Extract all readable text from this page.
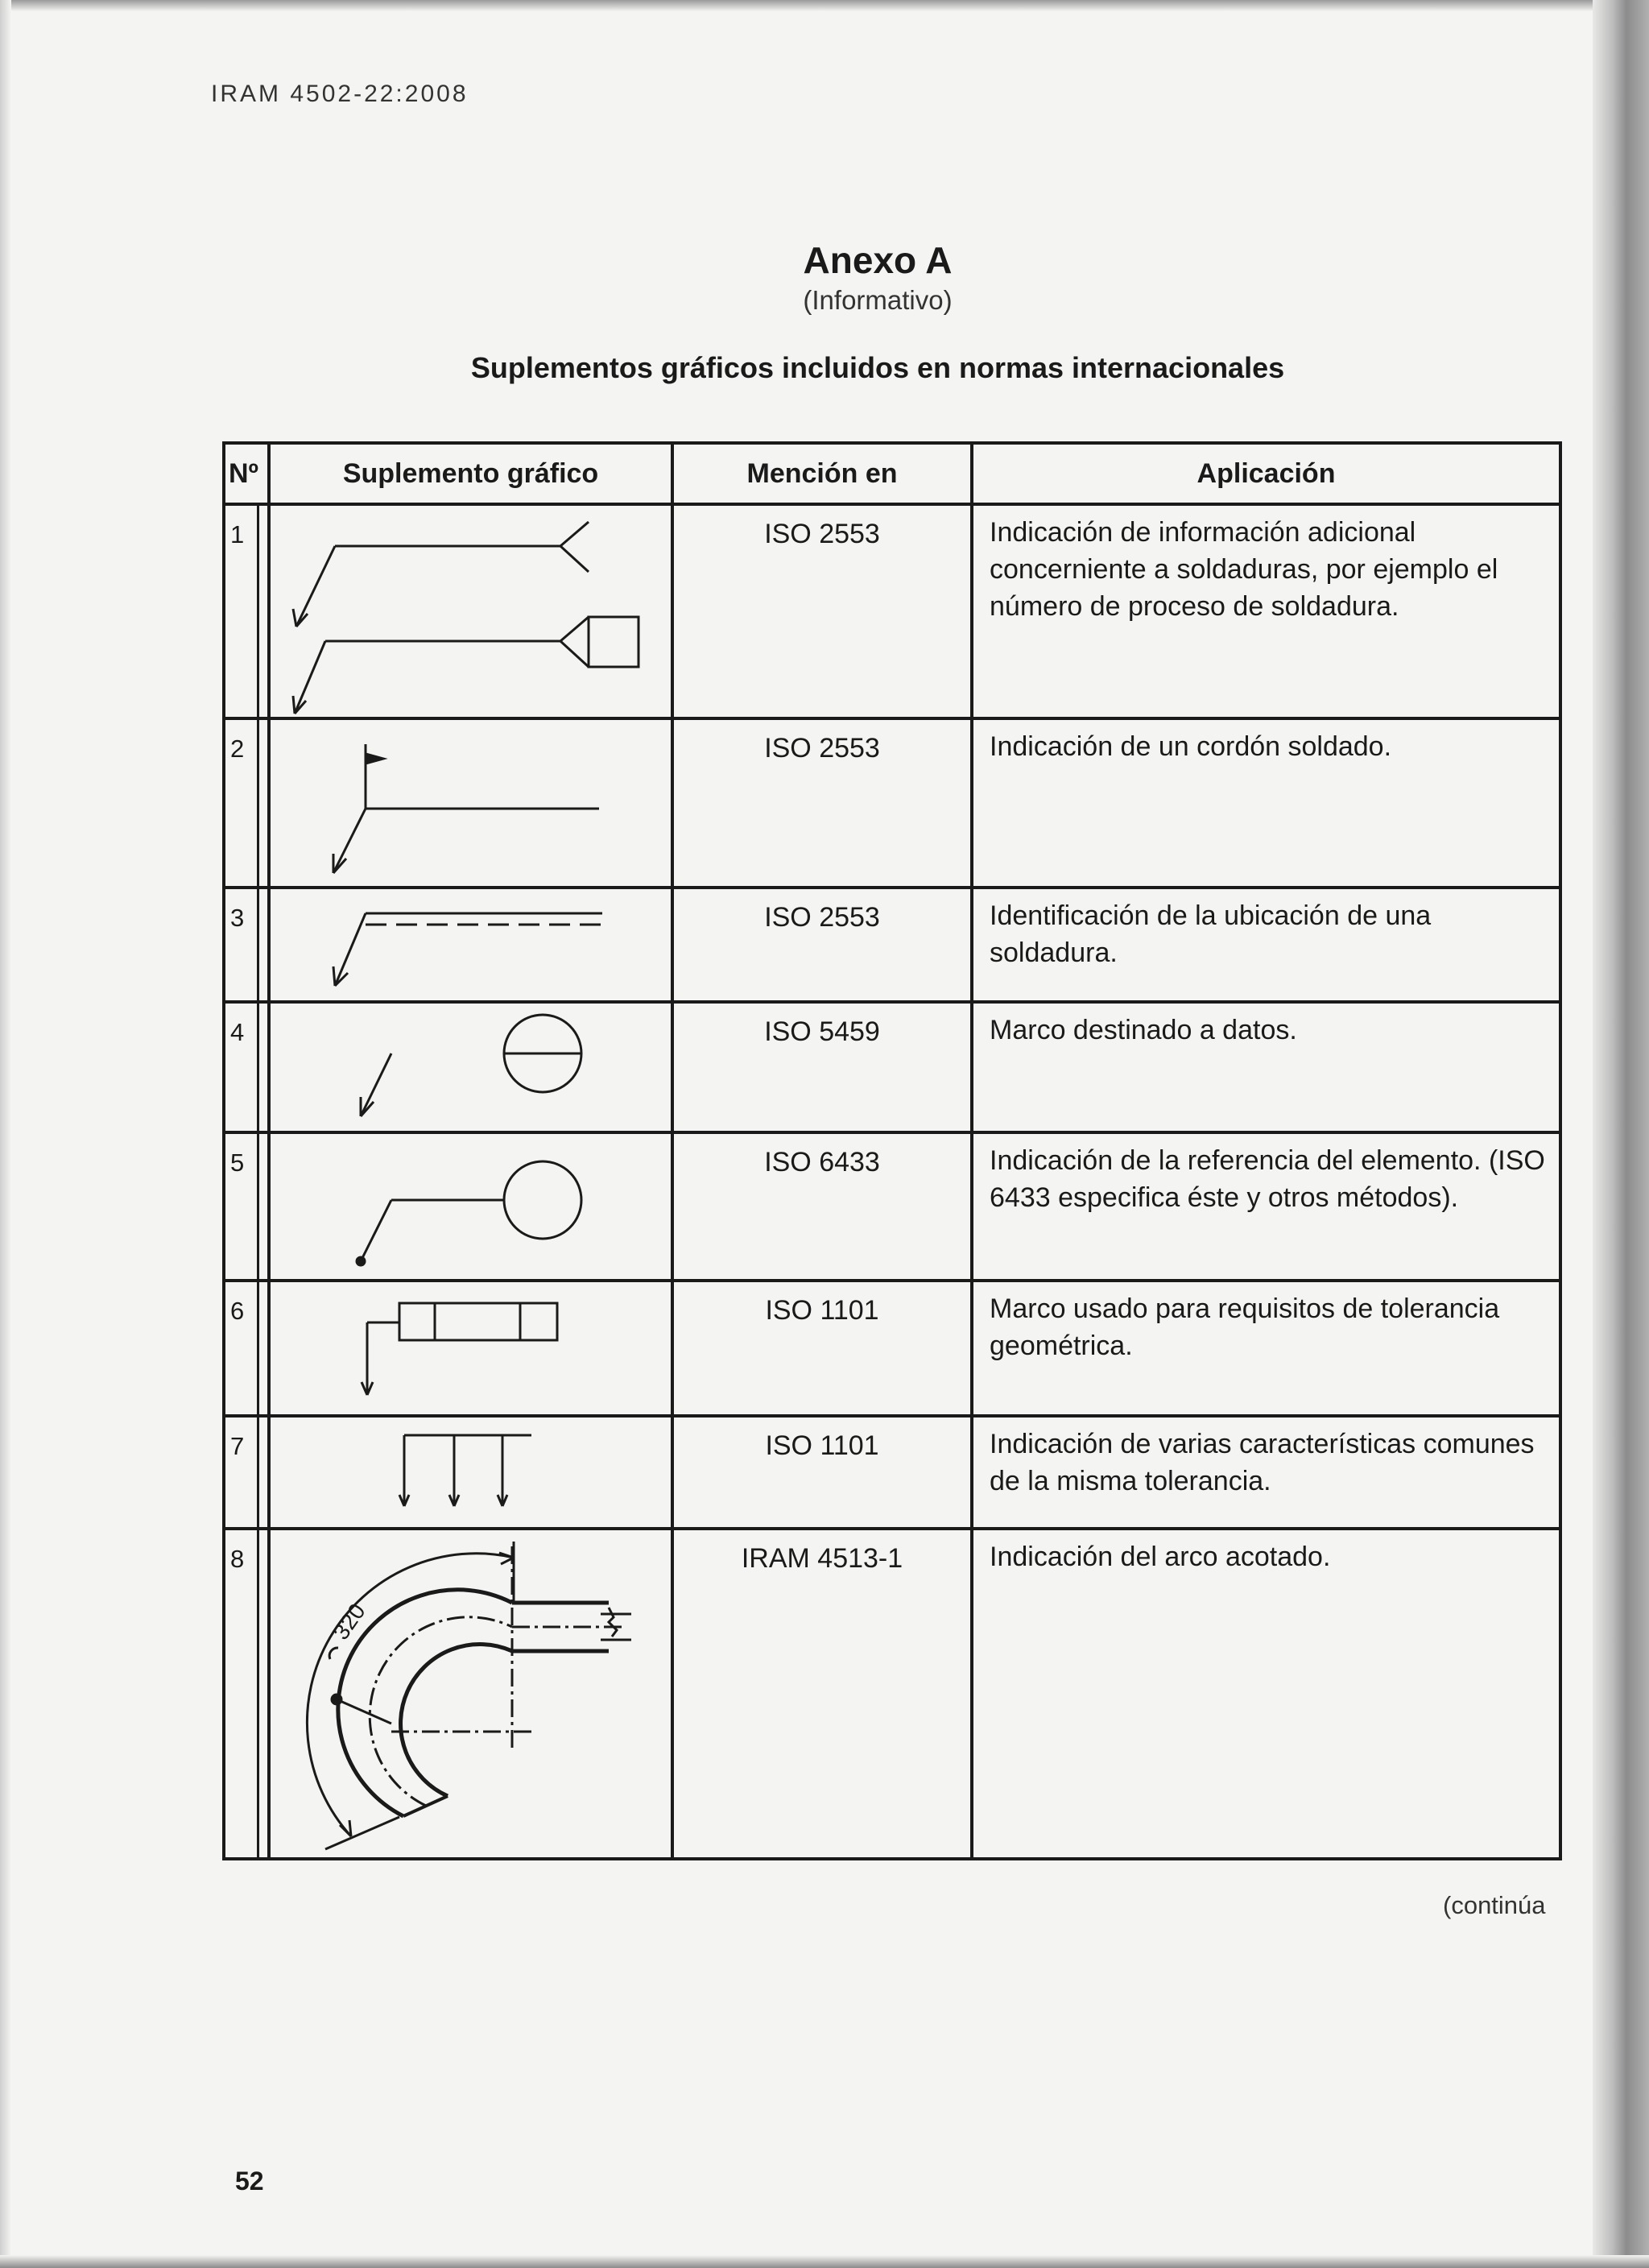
IRAM 4502-22:2008
Anexo A
(Informativo)
Suplementos gráficos incluidos en normas internacionales
Nº		Suplemento gráfico	Mención en	Aplicación
1			ISO 2553	Indicación de información adicional concerniente a soldaduras, por ejemplo el número de proceso de soldadura.
2			ISO 2553	Indicación de un cordón soldado.
3			ISO 2553	Identificación de la ubicación de una soldadura.
4			ISO 5459	Marco destinado a datos.
5			ISO 6433	Indicación de la referencia del elemento. (ISO 6433 especifica éste y otros métodos).
6			ISO 1101	Marco usado para requisitos de tolerancia geométrica.
7			ISO 1101	Indicación de varias características comunes de la misma tolerancia.
8		320	IRAM 4513-1	Indicación del arco acotado.
(continúa
52
